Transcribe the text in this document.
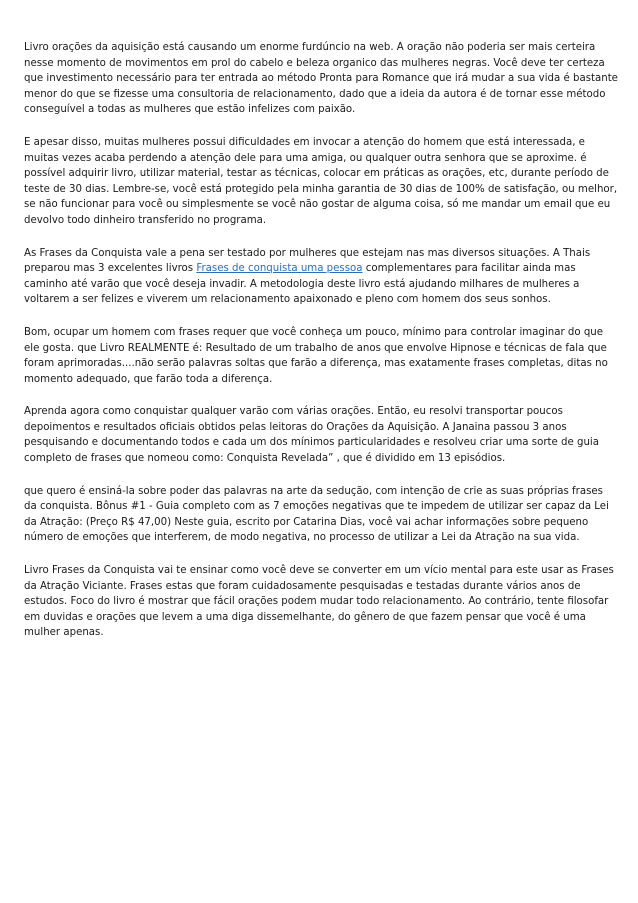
Livro orações da aquisição está causando um enorme furdúncio na web. A oração não poderia ser mais certeira nesse momento de movimentos em prol do cabelo e beleza organico das mulheres negras. Você deve ter certeza que investimento necessário para ter entrada ao método Pronta para Romance que irá mudar a sua vida é bastante menor do que se fizesse uma consultoria de relacionamento, dado que a ideia da autora é de tornar esse método conseguível a todas as mulheres que estão infelizes com paixão.

E apesar disso, muitas mulheres possui dificuldades em invocar a atenção do homem que está interessada, e muitas vezes acaba perdendo a atenção dele para uma amiga, ou qualquer outra senhora que se aproxime. é possível adquirir livro, utilizar material, testar as técnicas, colocar em práticas as orações, etc, durante período de teste de 30 dias. Lembre-se, você está protegido pela minha garantia de 30 dias de 100% de satisfação, ou melhor, se não funcionar para você ou simplesmente se você não gostar de alguma coisa, só me mandar um email que eu devolvo todo dinheiro transferido no programa.

As Frases da Conquista vale a pena ser testado por mulheres que estejam nas mas diversos situações. A Thais preparou mas 3 excelentes livros Frases de conquista uma pessoa complementares para facilitar ainda mas caminho até varão que você deseja invadir. A metodologia deste livro está ajudando milhares de mulheres a voltarem a ser felizes e viverem um relacionamento apaixonado e pleno com homem dos seus sonhos.

Bom, ocupar um homem com frases requer que você conheça um pouco, mínimo para controlar imaginar do que ele gosta. que Livro REALMENTE é: Resultado de um trabalho de anos que envolve Hipnose e técnicas de fala que foram aprimoradas....não serão palavras soltas que farão a diferença, mas exatamente frases completas, ditas no momento adequado, que farão toda a diferença.

Aprenda agora como conquistar qualquer varão com várias orações. Então, eu resolvi transportar poucos depoimentos e resultados oficiais obtidos pelas leitoras do Orações da Aquisição. A Janaina passou 3 anos pesquisando e documentando todos e cada um dos mínimos particularidades e resolveu criar uma sorte de guia completo de frases que nomeou como: Conquista Revelada” , que é dividido em 13 episódios.

que quero é ensiná-la sobre poder das palavras na arte da sedução, com intenção de crie as suas próprias frases da conquista. Bônus #1 - Guia completo com as 7 emoções negativas que te impedem de utilizar ser capaz da Lei da Atração: (Preço R$ 47,00) Neste guia, escrito por Catarina Dias, você vai achar informações sobre pequeno número de emoções que interferem, de modo negativa, no processo de utilizar a Lei da Atração na sua vida.

Livro Frases da Conquista vai te ensinar como você deve se converter em um vício mental para este usar as Frases da Atração Viciante. Frases estas que foram cuidadosamente pesquisadas e testadas durante vários anos de estudos. Foco do livro é mostrar que fácil orações podem mudar todo relacionamento. Ao contrário, tente filosofar em duvidas e orações que levem a uma diga dissemelhante, do gênero de que fazem pensar que você é uma mulher apenas.
